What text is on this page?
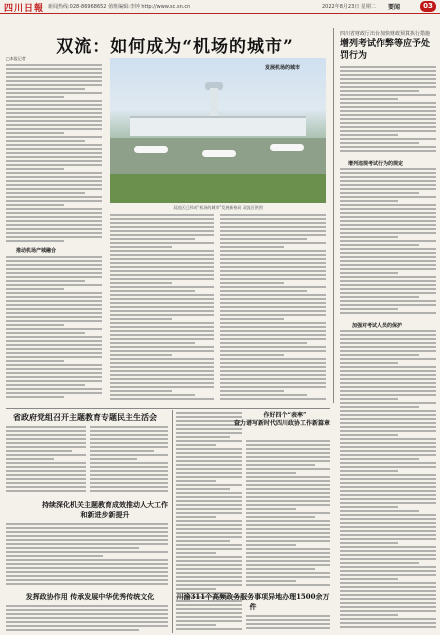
四川日報 新闻热线:028-86968652 值班编辑:李钟 http://www.sc.sn.cn	2022年8月23日 星期二 要闻	03
双流：如何成为“机场的城市”
□本报记者
推动机场产城融合
双流区已形成“机场的城市”发展新格局 双流区供图
发展机场的城市
四川省财政厅出台加快财政预算执行措施
增列考试作弊等应予处罚行为
增列违规考试行为的规定
加强对考试人员的保护
省政府党组召开主题教育专题民主生活会
持续深化机关主题教育成效推动人大工作和新进步新提升
发挥政协作用 传承发展中华优秀传统文化
作好四个“表率”
奋力谱写新时代四川政协工作新篇章
川渝311个高频政务服务事项异地办理1500余万件
